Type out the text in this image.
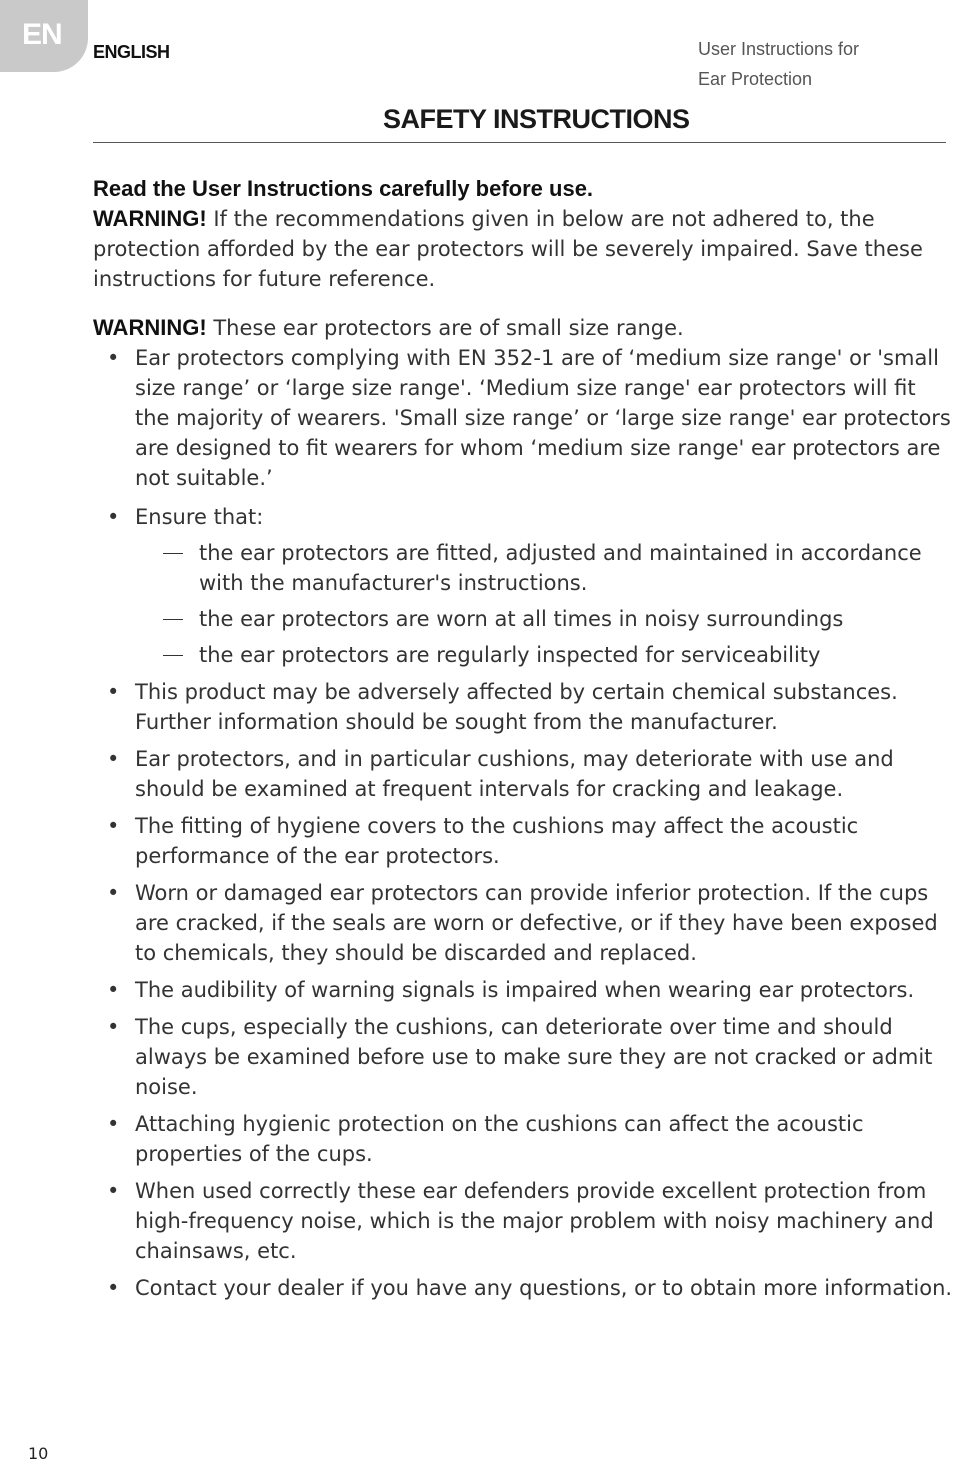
EN
ENGLISH	User Instructions for
Ear Protection
SAFETY INSTRUCTIONS

Read the User Instructions carefully before use.
WARNING! If the recommendations given in below are not adhered to, the protection afforded by the ear protectors will be severely impaired. Save these instructions for future reference.

WARNING! These ear protectors are of small size range.

• Ear protectors complying with EN 352-1 are of ‘medium size range' or 'small size range’ or ‘large size range'. ‘Medium size range' ear protectors will fit the majority of wearers. 'Small size range’ or ‘large size range' ear protectors are designed to fit wearers for whom ‘medium size range' ear protectors are not suitable.’
• Ensure that:
the ear protectors are fitted, adjusted and maintained in accordance with the manufacturer's instructions.
the ear protectors are worn at all times in noisy surroundings
the ear protectors are regularly inspected for serviceability
• This product may be adversely affected by certain chemical substances. Further information should be sought from the manufacturer.
• Ear protectors, and in particular cushions, may deteriorate with use and should be examined at frequent intervals for cracking and leakage.
• The fitting of hygiene covers to the cushions may affect the acoustic performance of the ear protectors.
• Worn or damaged ear protectors can provide inferior protection. If the cups are cracked, if the seals are worn or defective, or if they have been exposed to chemicals, they should be discarded and replaced.
• The audibility of warning signals is impaired when wearing ear protectors.
• The cups, especially the cushions, can deteriorate over time and should always be examined before use to make sure they are not cracked or admit noise.
• Attaching hygienic protection on the cushions can affect the acoustic properties of the cups.
• When used correctly these ear defenders provide excellent protection from high-frequency noise, which is the major problem with noisy machinery and chainsaws, etc.
• Contact your dealer if you have any questions, or to obtain more information.
10
